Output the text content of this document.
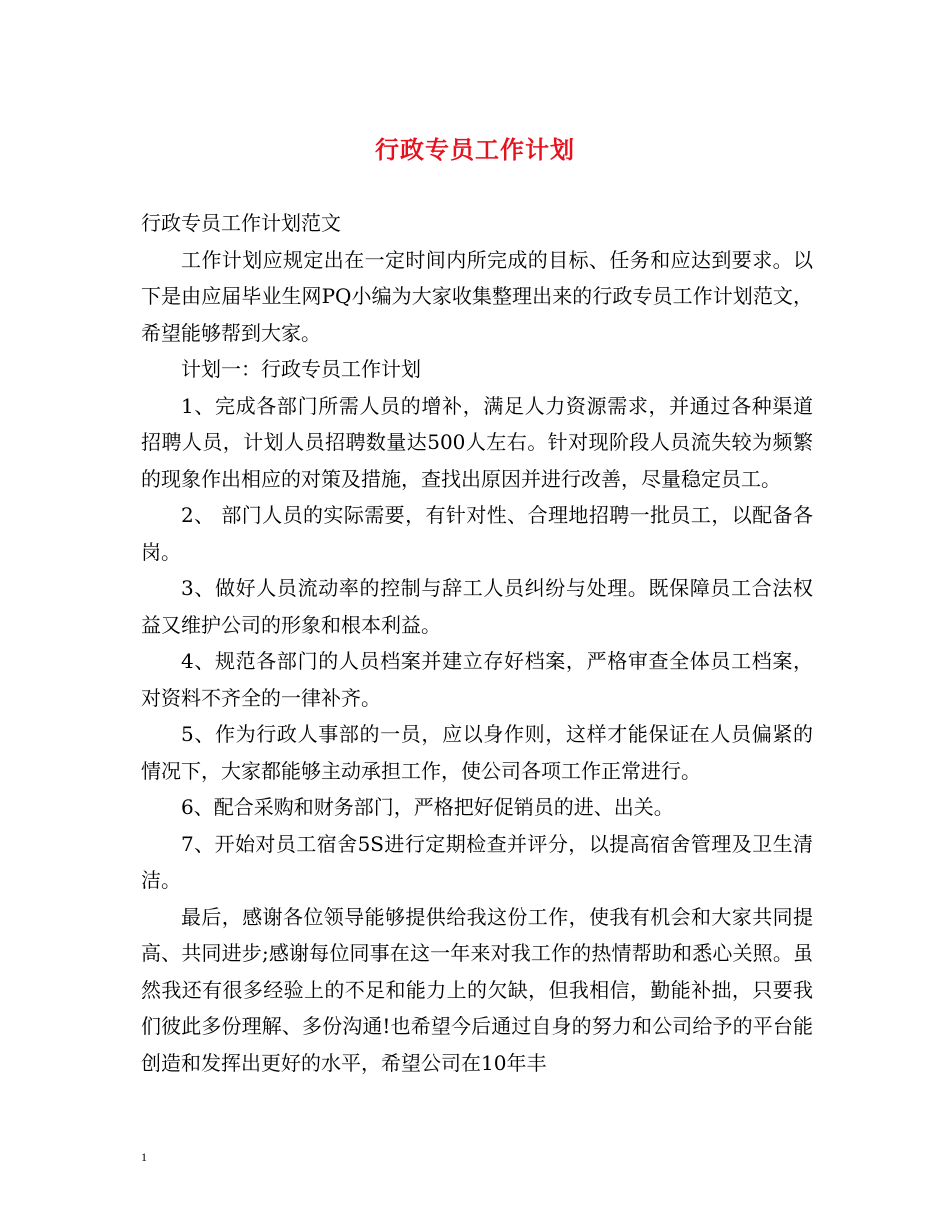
行政专员工作计划

行政专员工作计划范文

工作计划应规定出在一定时间内所完成的目标、任务和应达到要求。以下是由应届毕业生网PQ小编为大家收集整理出来的行政专员工作计划范文，希望能够帮到大家。

计划一：行政专员工作计划

1、完成各部门所需人员的增补，满足人力资源需求，并通过各种渠道招聘人员，计划人员招聘数量达500人左右。针对现阶段人员流失较为频繁的现象作出相应的对策及措施，查找出原因并进行改善，尽量稳定员工。

2、 部门人员的实际需要，有针对性、合理地招聘一批员工，以配备各岗。

3、做好人员流动率的控制与辞工人员纠纷与处理。既保障员工合法权益又维护公司的形象和根本利益。

4、规范各部门的人员档案并建立存好档案，严格审查全体员工档案，对资料不齐全的一律补齐。

5、作为行政人事部的一员，应以身作则，这样才能保证在人员偏紧的情况下，大家都能够主动承担工作，使公司各项工作正常进行。

6、配合采购和财务部门，严格把好促销员的进、出关。

7、开始对员工宿舍5S进行定期检查并评分，以提高宿舍管理及卫生清洁。

最后，感谢各位领导能够提供给我这份工作，使我有机会和大家共同提高、共同进步;感谢每位同事在这一年来对我工作的热情帮助和悉心关照。虽然我还有很多经验上的不足和能力上的欠缺，但我相信，勤能补拙，只要我们彼此多份理解、多份沟通!也希望今后通过自身的努力和公司给予的平台能创造和发挥出更好的水平，希望公司在10年丰

1
